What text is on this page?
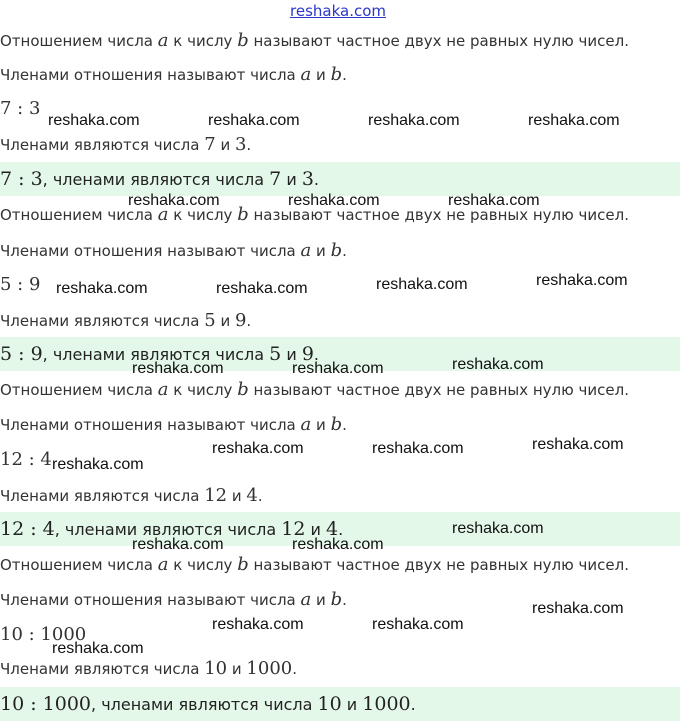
reshaka.com
Отношением числа a к числу b называют частное двух не равных нулю чисел.
Членами отношения называют числа a и b.
7 : 3
Членами являются числа 7 и 3.
7 : 3, членами являются числа 7 и 3.
Отношением числа a к числу b называют частное двух не равных нулю чисел.
Членами отношения называют числа a и b.
5 : 9
Членами являются числа 5 и 9.
5 : 9, членами являются числа 5 и 9.
Отношением числа a к числу b называют частное двух не равных нулю чисел.
Членами отношения называют числа a и b.
12 : 4
Членами являются числа 12 и 4.
12 : 4, членами являются числа 12 и 4.
Отношением числа a к числу b называют частное двух не равных нулю чисел.
Членами отношения называют числа a и b.
10 : 1000
Членами являются числа 10 и 1000.
10 : 1000, членами являются числа 10 и 1000.
reshaka.com	reshaka.com	reshaka.com	reshaka.com
reshaka.com	reshaka.com	reshaka.com
reshaka.com	reshaka.com	reshaka.com	reshaka.com
reshaka.com	reshaka.com	reshaka.com
reshaka.com
reshaka.com	reshaka.com	reshaka.com
reshaka.com
reshaka.com	reshaka.com
reshaka.com
reshaka.com	reshaka.com
reshaka.com
